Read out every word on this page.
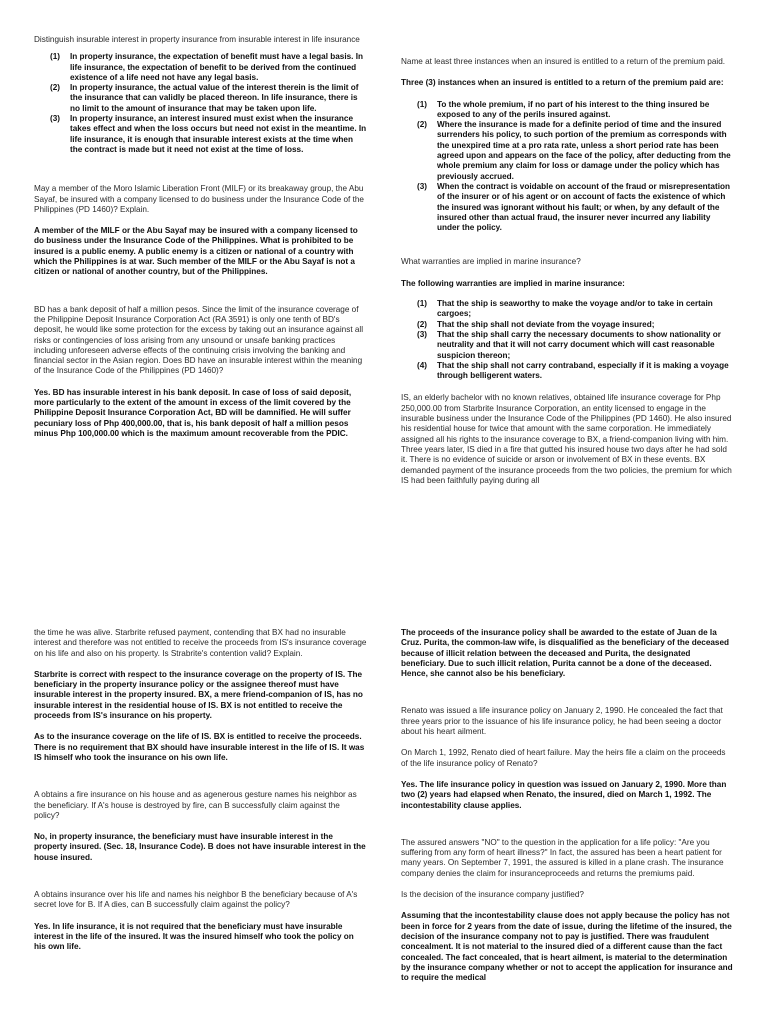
Distinguish insurable interest in property insurance from insurable interest in life insurance

(1) In property insurance, the expectation of benefit must have a legal basis. In life insurance, the expectation of benefit to be derived from the continued existence of a life need not have any legal basis.
(2) In property insurance, the actual value of the interest therein is the limit of the insurance that can validly be placed thereon. In life insurance, there is no limit to the amount of insurance that may be taken upon life.
(3) In property insurance, an interest insured must exist when the insurance takes effect and when the loss occurs but need not exist in the meantime. In life insurance, it is enough that insurable interest exists at the time when the contract is made but it need not exist at the time of loss.

May a member of the Moro Islamic Liberation Front (MILF) or its breakaway group, the Abu Sayaf, be insured with a company licensed to do business under the Insurance Code of the Philippines (PD 1460)? Explain.

A member of the MILF or the Abu Sayaf may be insured with a company licensed to do business under the Insurance Code of the Philippines. What is prohibited to be insured is a public enemy. A public enemy is a citizen or national of a country with which the Philippines is at war. Such member of the MILF or the Abu Sayaf is not a citizen or national of another country, but of the Philippines.

BD has a bank deposit of half a million pesos. Since the limit of the insurance coverage of the Philippine Deposit Insurance Corporation Act (RA 3591) is only one tenth of BD's deposit, he would like some protection for the excess by taking out an insurance against all risks or contingencies of loss arising from any unsound or unsafe banking practices including unforeseen adverse effects of the continuing crisis involving the banking and financial sector in the Asian region. Does BD have an insurable interest within the meaning of the Insurance Code of the Philippines (PD 1460)?

Yes. BD has insurable interest in his bank deposit. In case of loss of said deposit, more particularly to the extent of the amount in excess of the limit covered by the Philippine Deposit Insurance Corporation Act, BD will be damnified. He will suffer pecuniary loss of Php 400,000.00, that is, his bank deposit of half a million pesos minus Php 100,000.00 which is the maximum amount recoverable from the PDIC.

Name at least three instances when an insured is entitled to a return of the premium paid.

Three (3) instances when an insured is entitled to a return of the premium paid are:

(1) To the whole premium, if no part of his interest to the thing insured be exposed to any of the perils insured against.
(2) Where the insurance is made for a definite period of time and the insured surrenders his policy, to such portion of the premium as corresponds with the unexpired time at a pro rata rate, unless a short period rate has been agreed upon and appears on the face of the policy, after deducting from the whole premium any claim for loss or damage under the policy which has previously accrued.
(3) When the contract is voidable on account of the fraud or misrepresentation of the insurer or of his agent or on account of facts the existence of which the insured was ignorant without his fault; or when, by any default of the insured other than actual fraud, the insurer never incurred any liability under the policy.

What warranties are implied in marine insurance?

The following warranties are implied in marine insurance:

(1) That the ship is seaworthy to make the voyage and/or to take in certain cargoes;
(2) That the ship shall not deviate from the voyage insured;
(3) That the ship shall carry the necessary documents to show nationality or neutrality and that it will not carry document which will cast reasonable suspicion thereon;
(4) That the ship shall not carry contraband, especially if it is making a voyage through belligerent waters.

IS, an elderly bachelor with no known relatives, obtained life insurance coverage for Php 250,000.00 from Starbrite Insurance Corporation, an entity licensed to engage in the insurable business under the Insurance Code of the Philippines (PD 1460). He also insured his residential house for twice that amount with the same corporation. He immediately assigned all his rights to the insurance coverage to BX, a friend-companion living with him. Three years later, IS died in a fire that gutted his insured house two days after he had sold it. There is no evidence of suicide or arson or involvement of BX in these events. BX demanded payment of the insurance proceeds from the two policies, the premium for which IS had been faithfully paying during all

the time he was alive. Starbrite refused payment, contending that BX had no insurable interest and therefore was not entitled to receive the proceeds from IS's insurance coverage on his life and also on his property. Is Strabrite's contention valid? Explain.

Starbrite is correct with respect to the insurance coverage on the property of IS. The beneficiary in the property insurance policy or the assignee thereof must have insurable interest in the property insured. BX, a mere friend-companion of IS, has no insurable interest in the residential house of IS. BX is not entitled to receive the proceeds from IS's insurance on his property.

As to the insurance coverage on the life of IS. BX is entitled to receive the proceeds. There is no requirement that BX should have insurable interest in the life of IS. It was IS himself who took the insurance on his own life.

A obtains a fire insurance on his house and as agenerous gesture names his neighbor as the beneficiary. If A's house is destroyed by fire, can B successfully claim against the policy?

No, in property insurance, the beneficiary must have insurable interest in the property insured. (Sec. 18, Insurance Code). B does not have insurable interest in the house insured.

A obtains insurance over his life and names his neighbor B the beneficiary because of A's secret love for B. If A dies, can B successfully claim against the policy?

Yes. In life insurance, it is not required that the beneficiary must have insurable interest in the life of the insured. It was the insured himself who took the policy on his own life.

The proceeds of the insurance policy shall be awarded to the estate of Juan de la Cruz. Purita, the common-law wife, is disqualified as the beneficiary of the deceased because of illicit relation between the deceased and Purita, the designated beneficiary. Due to such illicit relation, Purita cannot be a done of the deceased. Hence, she cannot also be his beneficiary.

Renato was issued a life insurance policy on January 2, 1990. He concealed the fact that three years prior to the issuance of his life insurance policy, he had been seeing a doctor about his heart ailment.

On March 1, 1992, Renato died of heart failure. May the heirs file a claim on the proceeds of the life insurance policy of Renato?

Yes. The life insurance policy in question was issued on January 2, 1990. More than two (2) years had elapsed when Renato, the insured, died on March 1, 1992. The incontestability clause applies.

The assured answers "NO" to the question in the application for a life policy: "Are you suffering from any form of heart illness?" In fact, the assured has been a heart patient for many years. On September 7, 1991, the assured is killed in a plane crash. The insurance company denies the claim for insuranceproceeds and returns the premiums paid.

Is the decision of the insurance company justified?

Assuming that the incontestability clause does not apply because the policy has not been in force for 2 years from the date of issue, during the lifetime of the insured, the decision of the insurance company not to pay is justified. There was fraudulent concealment. It is not material to the insured died of a different cause than the fact concealed. The fact concealed, that is heart ailment, is material to the determination by the insurance company whether or not to accept the application for insurance and to require the medical
